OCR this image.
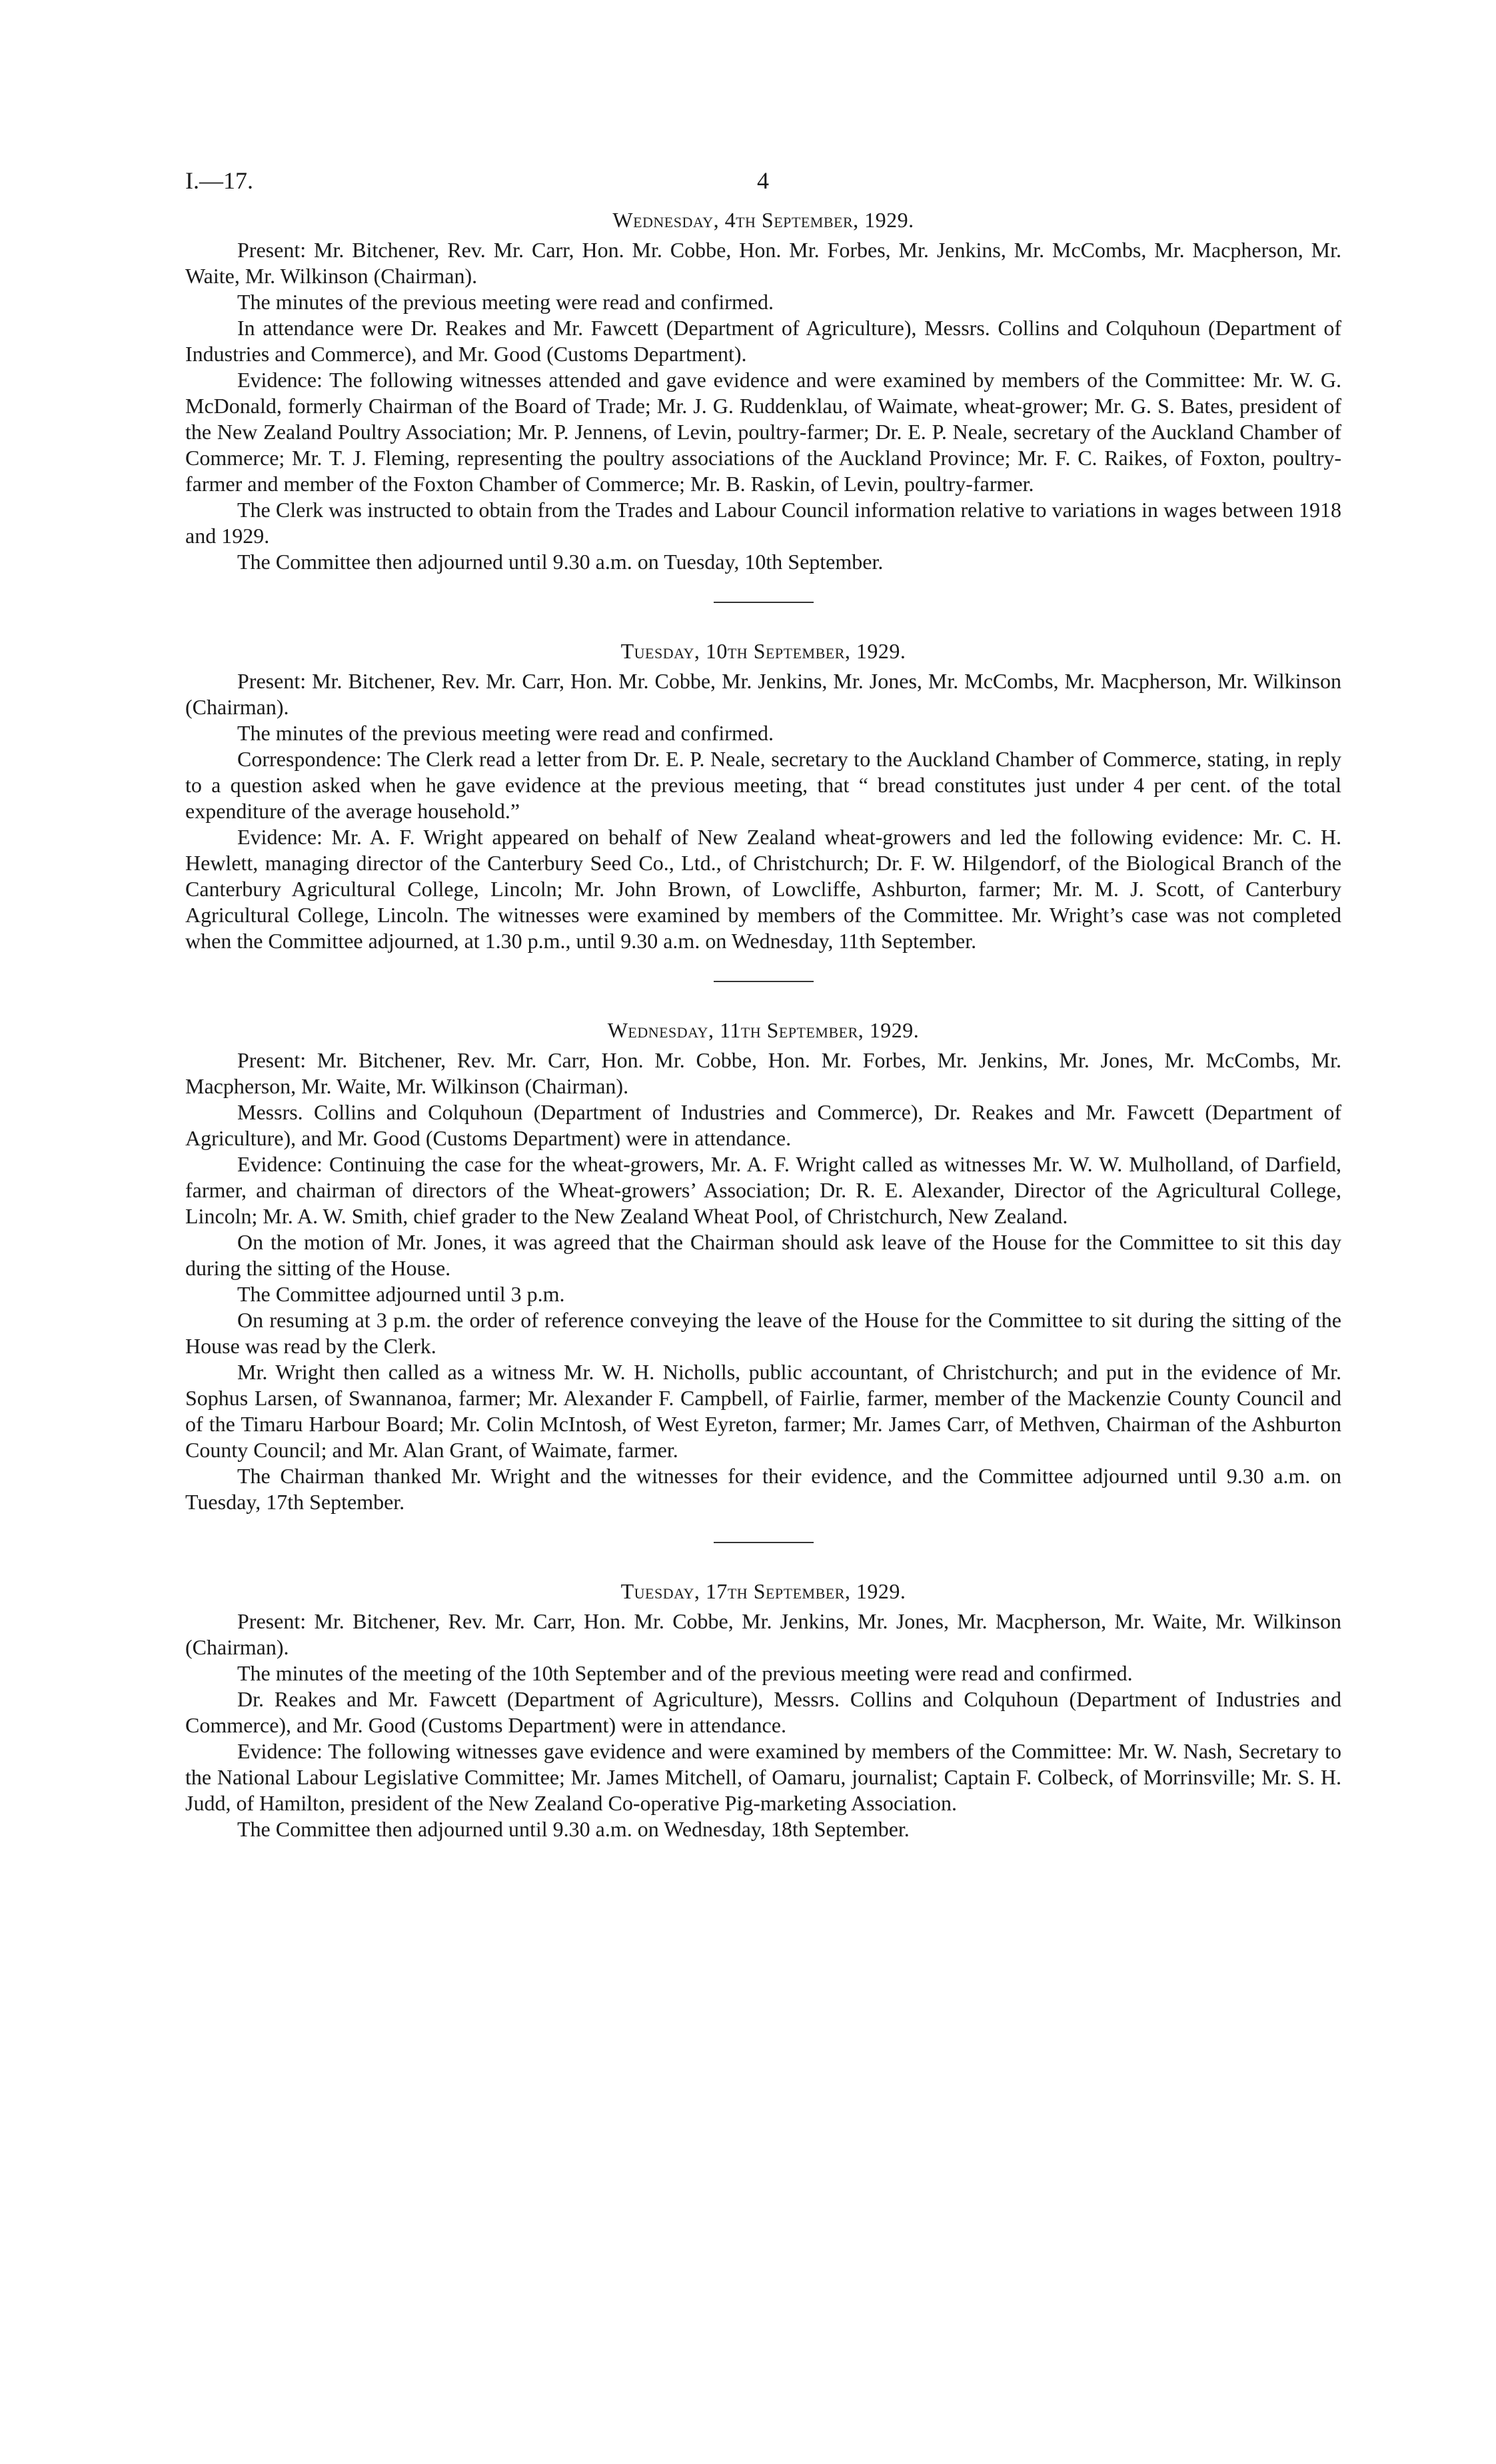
I.—17.	4
Wednesday, 4th September, 1929.

Present: Mr. Bitchener, Rev. Mr. Carr, Hon. Mr. Cobbe, Hon. Mr. Forbes, Mr. Jenkins, Mr. McCombs, Mr. Macpherson, Mr. Waite, Mr. Wilkinson (Chairman).

The minutes of the previous meeting were read and confirmed.

In attendance were Dr. Reakes and Mr. Fawcett (Department of Agriculture), Messrs. Collins and Colquhoun (Department of Industries and Commerce), and Mr. Good (Customs Department).

Evidence: The following witnesses attended and gave evidence and were examined by members of the Committee: Mr. W. G. McDonald, formerly Chairman of the Board of Trade; Mr. J. G. Ruddenklau, of Waimate, wheat-grower; Mr. G. S. Bates, president of the New Zealand Poultry Association; Mr. P. Jennens, of Levin, poultry-farmer; Dr. E. P. Neale, secretary of the Auckland Chamber of Commerce; Mr. T. J. Fleming, representing the poultry associations of the Auckland Province; Mr. F. C. Raikes, of Foxton, poultry-farmer and member of the Foxton Chamber of Commerce; Mr. B. Raskin, of Levin, poultry-farmer.

The Clerk was instructed to obtain from the Trades and Labour Council information relative to variations in wages between 1918 and 1929.

The Committee then adjourned until 9.30 a.m. on Tuesday, 10th September.

Tuesday, 10th September, 1929.

Present: Mr. Bitchener, Rev. Mr. Carr, Hon. Mr. Cobbe, Mr. Jenkins, Mr. Jones, Mr. McCombs, Mr. Macpherson, Mr. Wilkinson (Chairman).

The minutes of the previous meeting were read and confirmed.

Correspondence: The Clerk read a letter from Dr. E. P. Neale, secretary to the Auckland Chamber of Commerce, stating, in reply to a question asked when he gave evidence at the previous meeting, that “ bread constitutes just under 4 per cent. of the total expenditure of the average household.”

Evidence: Mr. A. F. Wright appeared on behalf of New Zealand wheat-growers and led the following evidence: Mr. C. H. Hewlett, managing director of the Canterbury Seed Co., Ltd., of Christchurch; Dr. F. W. Hilgendorf, of the Biological Branch of the Canterbury Agricultural College, Lincoln; Mr. John Brown, of Lowcliffe, Ashburton, farmer; Mr. M. J. Scott, of Canterbury Agricultural College, Lincoln. The witnesses were examined by members of the Committee. Mr. Wright’s case was not completed when the Committee adjourned, at 1.30 p.m., until 9.30 a.m. on Wednesday, 11th September.

Wednesday, 11th September, 1929.

Present: Mr. Bitchener, Rev. Mr. Carr, Hon. Mr. Cobbe, Hon. Mr. Forbes, Mr. Jenkins, Mr. Jones, Mr. McCombs, Mr. Macpherson, Mr. Waite, Mr. Wilkinson (Chairman).

Messrs. Collins and Colquhoun (Department of Industries and Commerce), Dr. Reakes and Mr. Fawcett (Department of Agriculture), and Mr. Good (Customs Department) were in attendance.

Evidence: Continuing the case for the wheat-growers, Mr. A. F. Wright called as witnesses Mr. W. W. Mulholland, of Darfield, farmer, and chairman of directors of the Wheat-growers’ Association; Dr. R. E. Alexander, Director of the Agricultural College, Lincoln; Mr. A. W. Smith, chief grader to the New Zealand Wheat Pool, of Christchurch, New Zealand.

On the motion of Mr. Jones, it was agreed that the Chairman should ask leave of the House for the Committee to sit this day during the sitting of the House.

The Committee adjourned until 3 p.m.

On resuming at 3 p.m. the order of reference conveying the leave of the House for the Committee to sit during the sitting of the House was read by the Clerk.

Mr. Wright then called as a witness Mr. W. H. Nicholls, public accountant, of Christchurch; and put in the evidence of Mr. Sophus Larsen, of Swannanoa, farmer; Mr. Alexander F. Campbell, of Fairlie, farmer, member of the Mackenzie County Council and of the Timaru Harbour Board; Mr. Colin McIntosh, of West Eyreton, farmer; Mr. James Carr, of Methven, Chairman of the Ashburton County Council; and Mr. Alan Grant, of Waimate, farmer.

The Chairman thanked Mr. Wright and the witnesses for their evidence, and the Committee adjourned until 9.30 a.m. on Tuesday, 17th September.

Tuesday, 17th September, 1929.

Present: Mr. Bitchener, Rev. Mr. Carr, Hon. Mr. Cobbe, Mr. Jenkins, Mr. Jones, Mr. Macpherson, Mr. Waite, Mr. Wilkinson (Chairman).

The minutes of the meeting of the 10th September and of the previous meeting were read and confirmed.

Dr. Reakes and Mr. Fawcett (Department of Agriculture), Messrs. Collins and Colquhoun (Department of Industries and Commerce), and Mr. Good (Customs Department) were in attendance.

Evidence: The following witnesses gave evidence and were examined by members of the Committee: Mr. W. Nash, Secretary to the National Labour Legislative Committee; Mr. James Mitchell, of Oamaru, journalist; Captain F. Colbeck, of Morrinsville; Mr. S. H. Judd, of Hamilton, president of the New Zealand Co-operative Pig-marketing Association.

The Committee then adjourned until 9.30 a.m. on Wednesday, 18th September.
